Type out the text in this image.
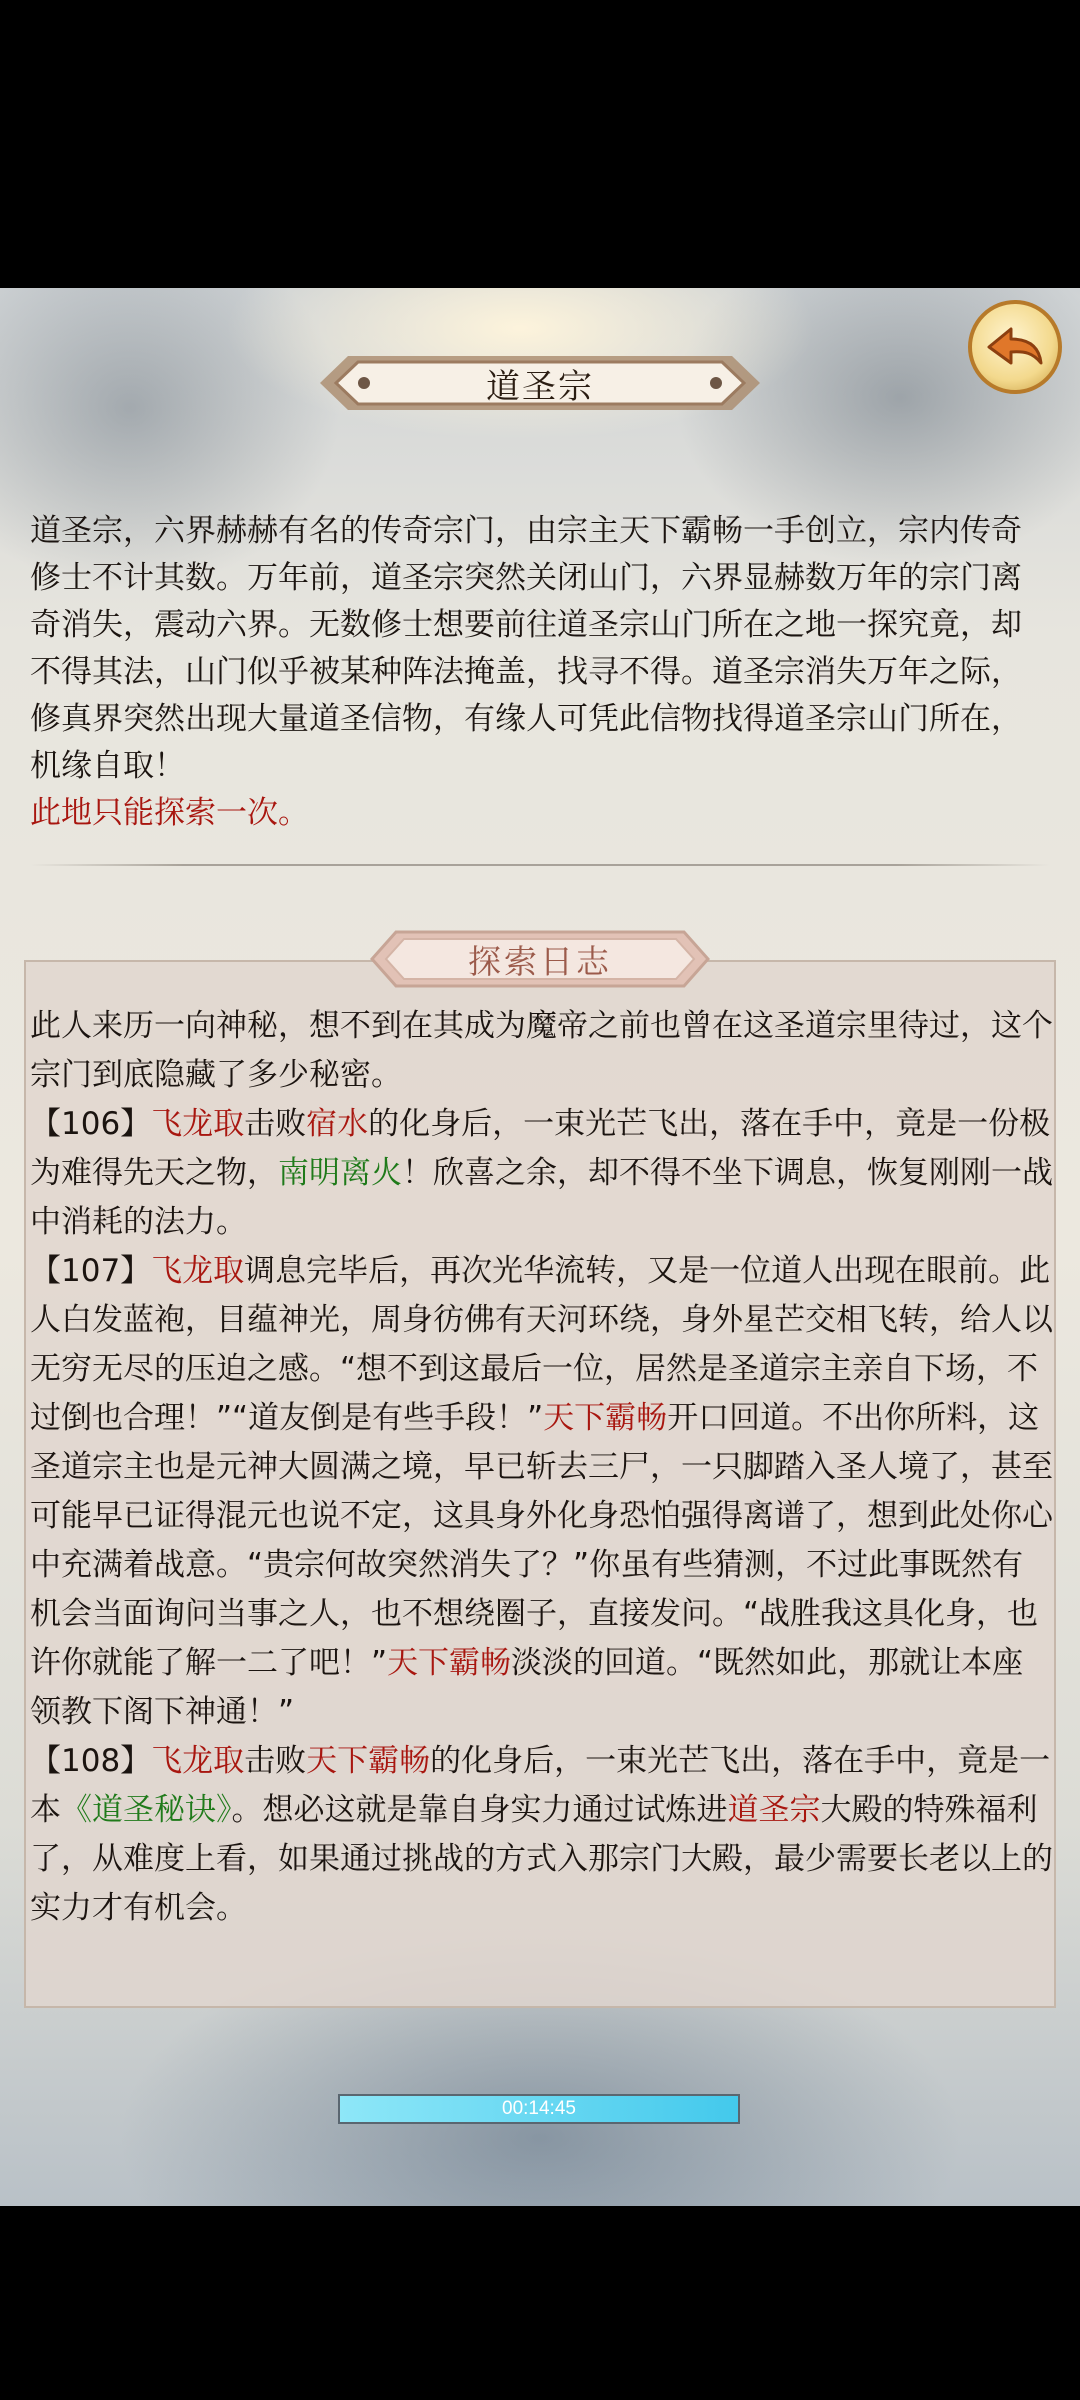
道圣宗
道圣宗，六界赫赫有名的传奇宗门，由宗主天下霸畅一手创立，宗内传奇修士不计其数。万年前，道圣宗突然关闭山门，六界显赫数万年的宗门离奇消失，震动六界。无数修士想要前往道圣宗山门所在之地一探究竟，却不得其法，山门似乎被某种阵法掩盖，找寻不得。道圣宗消失万年之际，修真界突然出现大量道圣信物，有缘人可凭此信物找得道圣宗山门所在，机缘自取！
此地只能探索一次。
探索日志

此人来历一向神秘，想不到在其成为魔帝之前也曾在这圣道宗里待过，这个宗门到底隐藏了多少秘密。

【106】飞龙取击败宿水的化身后，一束光芒飞出，落在手中，竟是一份极为难得先天之物，南明离火！欣喜之余，却不得不坐下调息，恢复刚刚一战中消耗的法力。

【107】飞龙取调息完毕后，再次光华流转，又是一位道人出现在眼前。此人白发蓝袍，目蕴神光，周身彷佛有天河环绕，身外星芒交相飞转，给人以无穷无尽的压迫之感。“想不到这最后一位，居然是圣道宗主亲自下场，不过倒也合理！”“道友倒是有些手段！”天下霸畅开口回道。不出你所料，这圣道宗主也是元神大圆满之境，早已斩去三尸，一只脚踏入圣人境了，甚至可能早已证得混元也说不定，这具身外化身恐怕强得离谱了，想到此处你心中充满着战意。“贵宗何故突然消失了？”你虽有些猜测，不过此事既然有机会当面询问当事之人，也不想绕圈子，直接发问。“战胜我这具化身，也许你就能了解一二了吧！”天下霸畅淡淡的回道。“既然如此，那就让本座领教下阁下神通！”

【108】飞龙取击败天下霸畅的化身后，一束光芒飞出，落在手中，竟是一本《道圣秘诀》。想必这就是靠自身实力通过试炼进道圣宗大殿的特殊福利了，从难度上看，如果通过挑战的方式入那宗门大殿，最少需要长老以上的实力才有机会。

00:14:45
